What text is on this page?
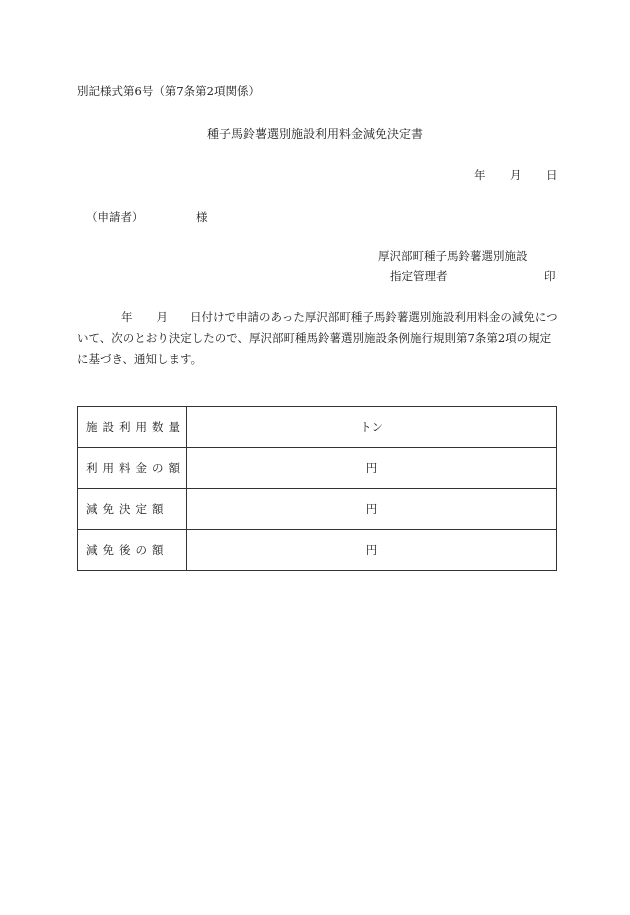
別記様式第6号（第7条第2項関係）
種子馬鈴薯選別施設利用料金減免決定書
年 月 日
（申請者）	様
厚沢部町種子馬鈴薯選別施設
指定管理者	印
年 月 日付けで申請のあった厚沢部町種子馬鈴薯選別施設利用料金の減免について、次のとおり決定したので、厚沢部町種馬鈴薯選別施設条例施行規則第7条第2項の規定に基づき、通知します。
施設利用数量	トン
利用料金の額	円
減免決定額	円
減免後の額	円
